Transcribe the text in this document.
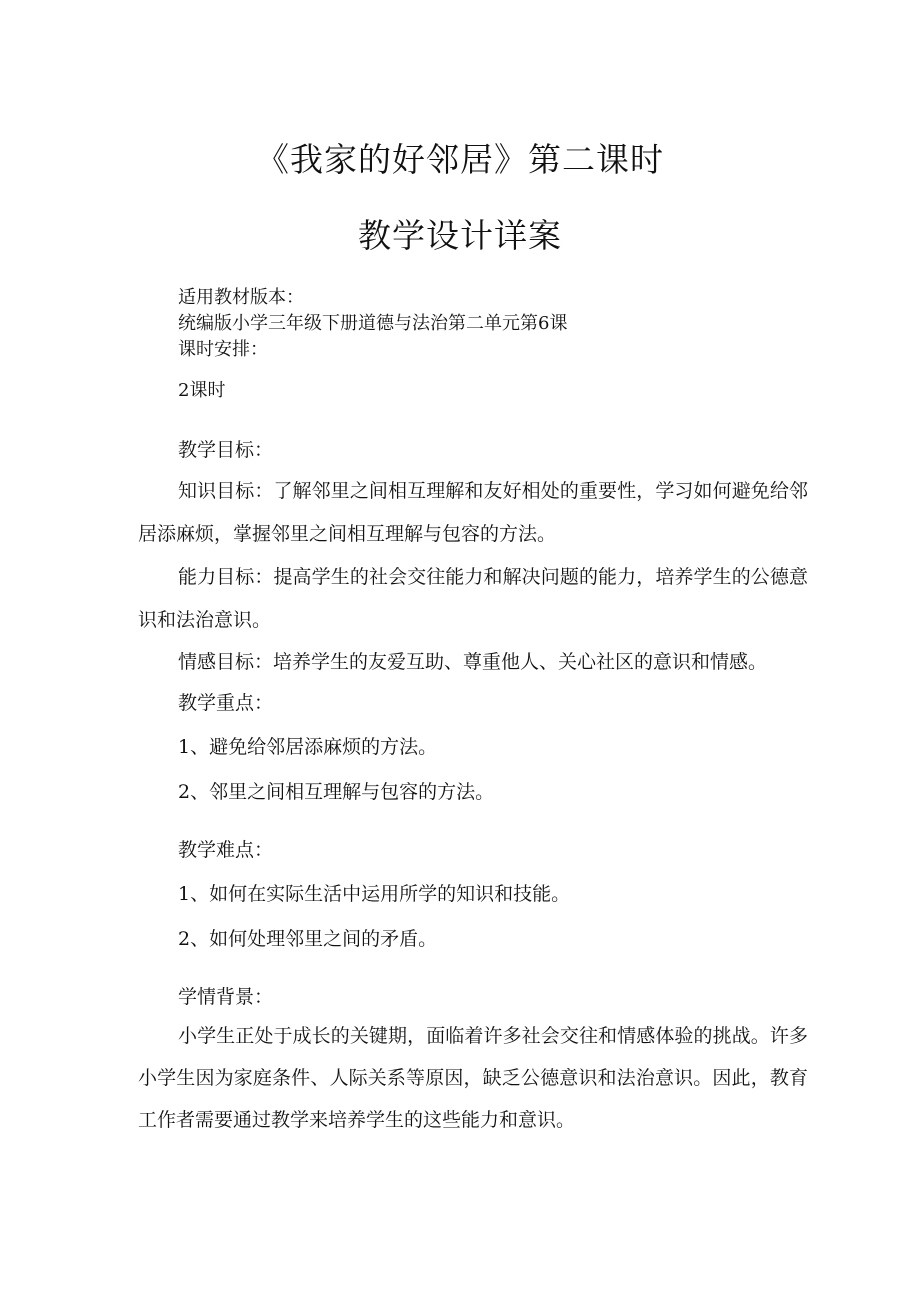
《我家的好邻居》第二课时
教学设计详案
适用教材版本：
统编版小学三年级下册道德与法治第二单元第6课
课时安排：
2课时
教学目标：
知识目标：了解邻里之间相互理解和友好相处的重要性，学习如何避免给邻居添麻烦，掌握邻里之间相互理解与包容的方法。
能力目标：提高学生的社会交往能力和解决问题的能力，培养学生的公德意识和法治意识。
情感目标：培养学生的友爱互助、尊重他人、关心社区的意识和情感。
教学重点：
1、避免给邻居添麻烦的方法。
2、邻里之间相互理解与包容的方法。
教学难点：
1、如何在实际生活中运用所学的知识和技能。
2、如何处理邻里之间的矛盾。
学情背景：
小学生正处于成长的关键期，面临着许多社会交往和情感体验的挑战。许多小学生因为家庭条件、人际关系等原因，缺乏公德意识和法治意识。因此，教育工作者需要通过教学来培养学生的这些能力和意识。
